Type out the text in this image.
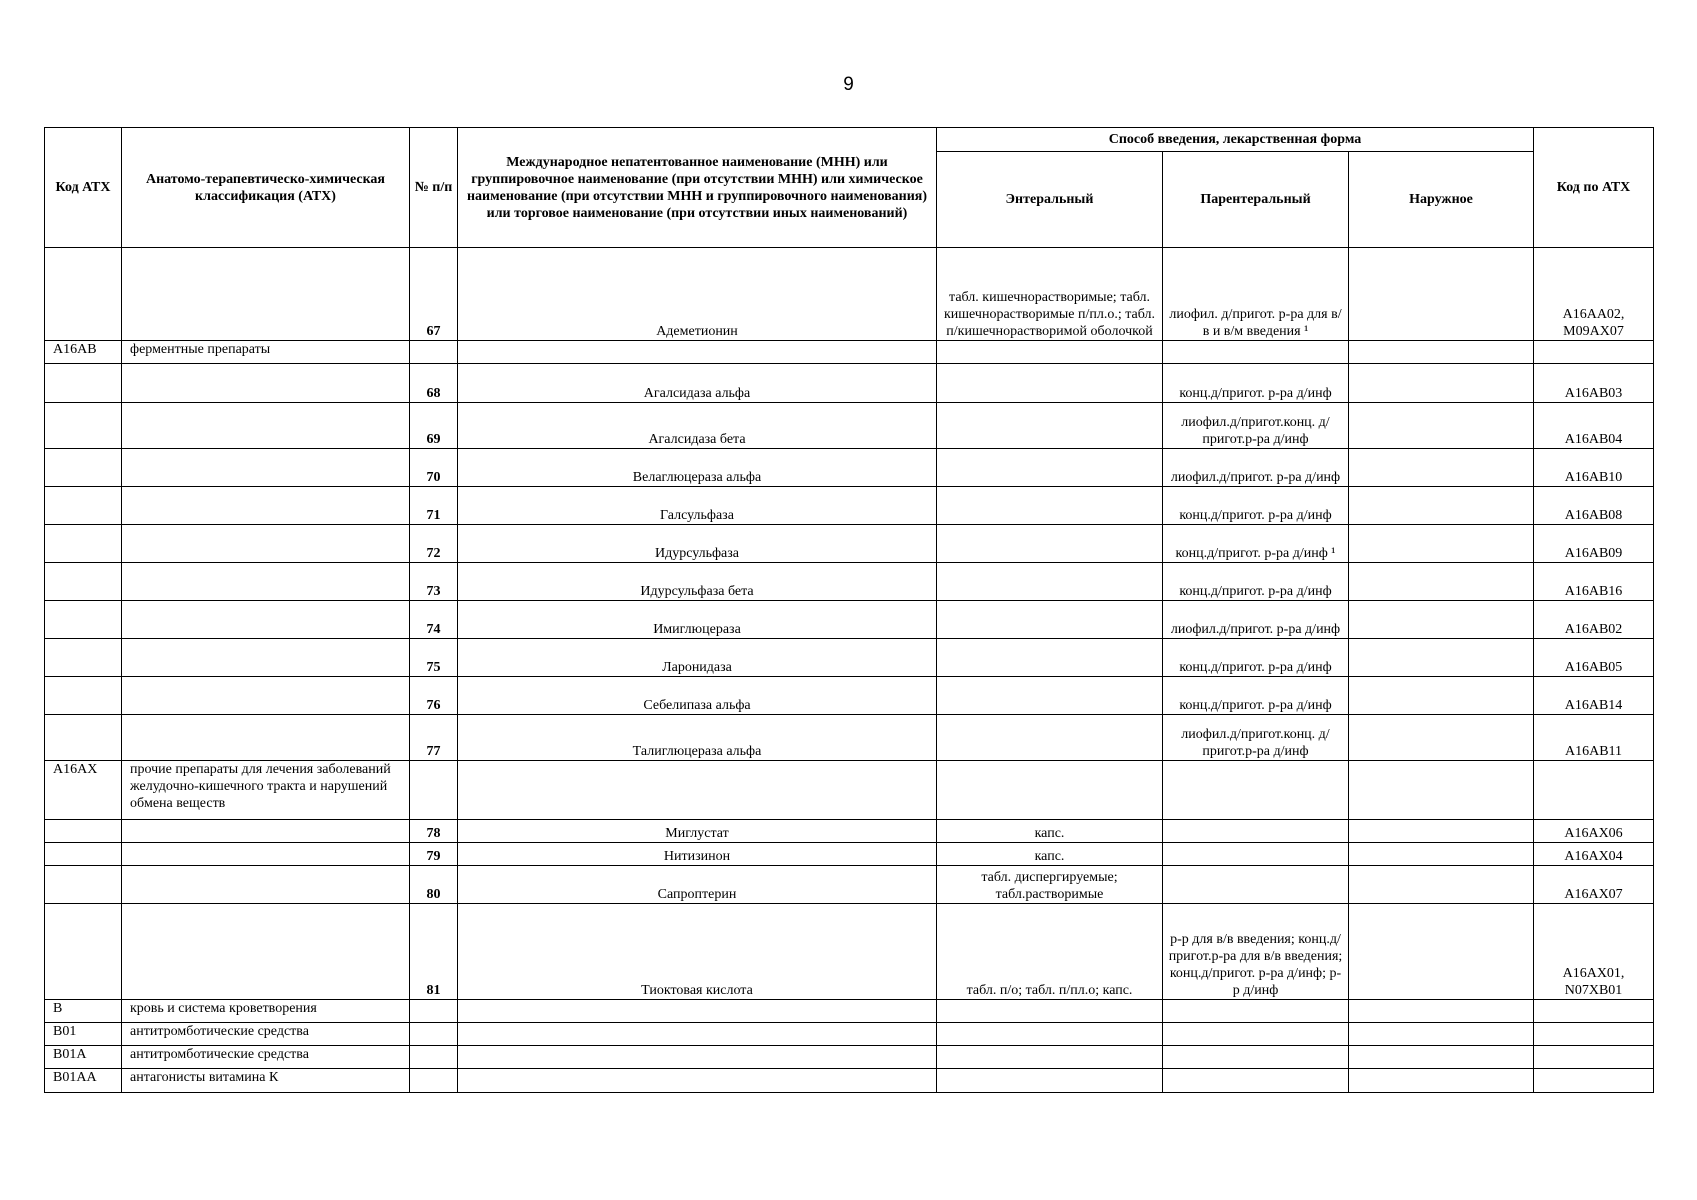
9
Код АТХ	Анатомо-терапевтическо-химическая классификация (АТХ)	№ п/п	Международное непатентованное наименование (МНН) или группировочное наименование (при отсутствии МНН) или химическое наименование (при отсутствии МНН и группировочного наименования) или торговое наименование (при отсутствии иных наименований)	Способ введения, лекарственная форма			Код по АТХ
				Энтеральный	Парентеральный	Наружное	
		67	Адеметионин	табл. кишечнорастворимые; табл. кишечнорастворимые п/пл.о.; табл. п/кишечнорастворимой оболочкой	лиофил. д/пригот. р-ра для в/в и в/м введения ¹		A16AA02, M09AX07
A16AB	ферментные препараты						
		68	Агалсидаза альфа		конц.д/пригот. р-ра д/инф		A16AB03
		69	Агалсидаза бета		лиофил.д/пригот.конц. д/пригот.р-ра д/инф		A16AB04
		70	Велаглюцераза альфа		лиофил.д/пригот. р-ра д/инф		A16AB10
		71	Галсульфаза		конц.д/пригот. р-ра д/инф		A16AB08
		72	Идурсульфаза		конц.д/пригот. р-ра д/инф ¹		A16AB09
		73	Идурсульфаза бета		конц.д/пригот. р-ра д/инф		A16AB16
		74	Имиглюцераза		лиофил.д/пригот. р-ра д/инф		A16AB02
		75	Ларонидаза		конц.д/пригот. р-ра д/инф		A16AB05
		76	Себелипаза альфа		конц.д/пригот. р-ра д/инф		A16AB14
		77	Талиглюцераза альфа		лиофил.д/пригот.конц. д/пригот.р-ра д/инф		A16AB11
A16AX	прочие препараты для лечения заболеваний желудочно-кишечного тракта и нарушений обмена веществ						
		78	Миглустат	капс.			A16AX06
		79	Нитизинон	капс.			A16AX04
		80	Сапроптерин	табл. диспергируемые; табл.растворимые			A16AX07
		81	Тиоктовая кислота	табл. п/о; табл. п/пл.о; капс.	р-р для в/в введения; конц.д/пригот.р-ра для в/в введения; конц.д/пригот. р-ра д/инф; р-р д/инф		A16AX01, N07XB01
B	кровь и система кроветворения						
B01	антитромботические средства						
B01A	антитромботические средства						
B01AA	антагонисты витамина К						
